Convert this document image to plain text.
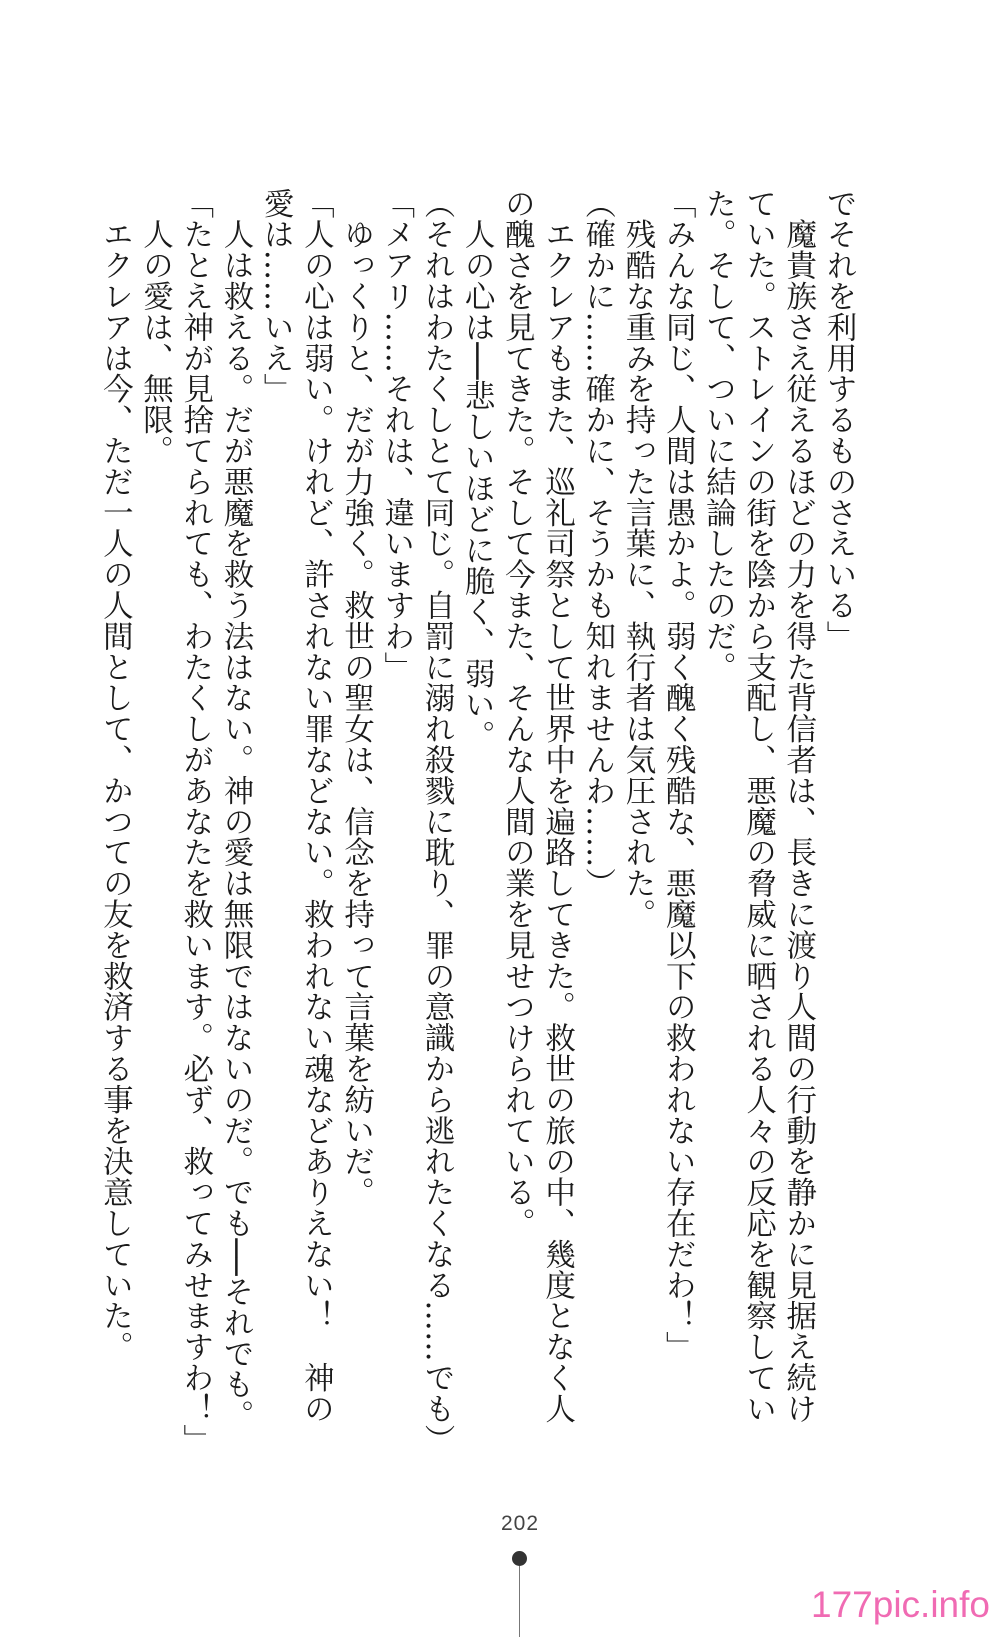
でそれを利用するものさえいる」
　魔貴族さえ従えるほどの力を得た背信者は、長きに渡り人間の行動を静かに見据え続け
ていた。ストレインの街を陰から支配し、悪魔の脅威に晒される人々の反応を観察してい
た。そして、ついに結論したのだ。
「みんな同じ、人間は愚かよ。弱く醜く残酷な、悪魔以下の救われない存在だわ！」
　残酷な重みを持った言葉に、執行者は気圧された。
（確かに……確かに、そうかも知れませんわ……）
　エクレアもまた、巡礼司祭として世界中を遍路してきた。救世の旅の中、幾度となく人
の醜さを見てきた。そして今また、そんな人間の業を見せつけられている。
　人の心は──悲しいほどに脆く、弱い。
（それはわたくしとて同じ。自罰に溺れ殺戮に耽り、罪の意識から逃れたくなる……でも）
「メアリ……それは、違いますわ」
　ゆっくりと、だが力強く。救世の聖女は、信念を持って言葉を紡いだ。
「人の心は弱い。けれど、許されない罪などない。救われない魂などありえない！　神の
愛は……いえ」
　人は救える。だが悪魔を救う法はない。神の愛は無限ではないのだ。でも──それでも。
「たとえ神が見捨てられても、わたくしがあなたを救います。必ず、救ってみせますわ！」
　人の愛は、無限。
　エクレアは今、ただ一人の人間として、かつての友を救済する事を決意していた。
202
177pic.info
